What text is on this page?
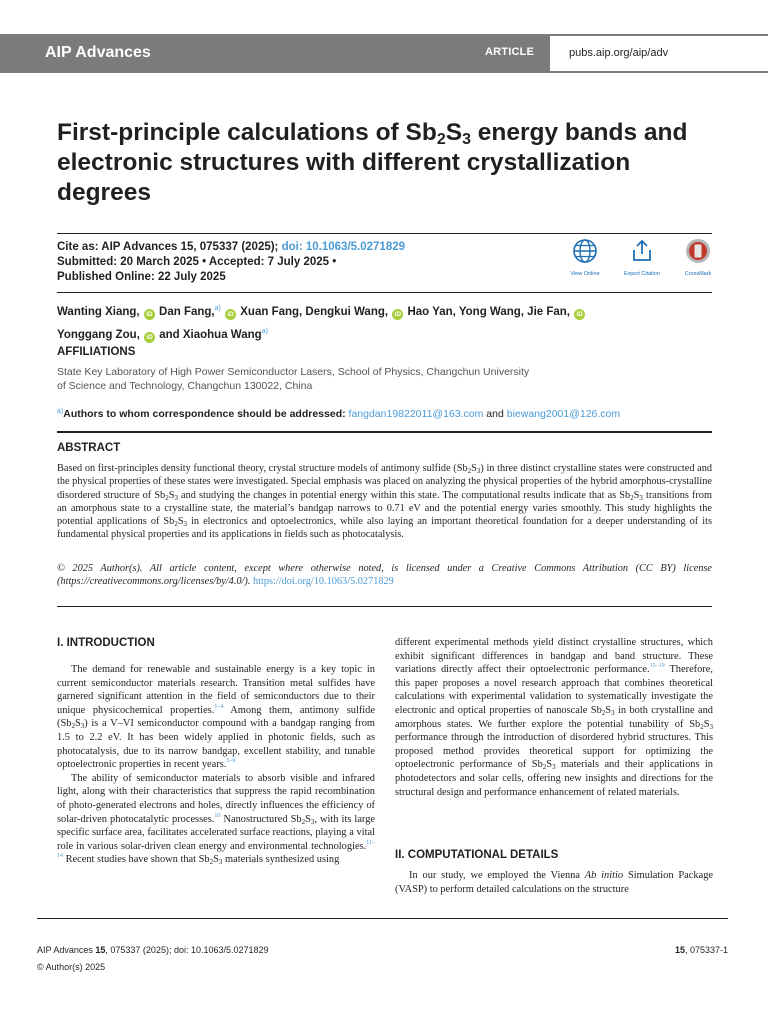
AIP Advances	ARTICLE	pubs.aip.org/aip/adv
First-principle calculations of $Sb_2S_3$ energy bands and electronic structures with different crystallization degrees
Cite as: AIP Advances 15, 075337 (2025); doi: 10.1063/5.0271829
Submitted: 20 March 2025 • Accepted: 7 July 2025 •
Published Online: 22 July 2025	View Online	Export Citation	CrossMark
Wanting Xiang, iD Dan Fang,$^{a)}$ iD Xuan Fang, Dengkui Wang, iD Hao Yan, Yong Wang, Jie Fan, iD
Yonggang Zou, iD and Xiaohua Wang$^{a)}$
AFFILIATIONS
State Key Laboratory of High Power Semiconductor Lasers, School of Physics, Changchun University
of Science and Technology, Changchun 130022, China
$^{a)}$Authors to whom correspondence should be addressed: fangdan19822011@163.com and biewang2001@126.com
ABSTRACT
Based on first-principles density functional theory, crystal structure models of antimony sulfide (Sb2S3) in three distinct crystalline states were constructed and the physical properties of these states were investigated. Special emphasis was placed on analyzing the physical properties of the hybrid amorphous-crystalline disordered structure of Sb2S3 and studying the changes in potential energy within this state. The computational results indicate that as Sb2S3 transitions from an amorphous state to a crystalline state, the material’s bandgap narrows to 0.71 eV and the potential energy varies smoothly. This study highlights the potential applications of Sb2S3 in electronics and optoelectronics, while also laying an important theoretical foundation for a deeper understanding of its fundamental physical properties and its applications in fields such as photocatalysis.
© 2025 Author(s). All article content, except where otherwise noted, is licensed under a Creative Commons Attribution (CC BY) license (https://creativecommons.org/licenses/by/4.0/). https://doi.org/10.1063/5.0271829
I. INTRODUCTION

The demand for renewable and sustainable energy is a key topic in current semiconductor materials research. Transition metal sulfides have garnered significant attention in the field of semiconductors due to their unique physicochemical properties.$^{1-4}$ Among them, antimony sulfide (Sb2S3) is a V–VI semiconductor compound with a bandgap ranging from 1.5 to 2.2 eV. It has been widely applied in photonic fields, such as photocatalysis, due to its narrow bandgap, excellent stability, and tunable optoelectronic properties in recent years.$^{5-9}$

The ability of semiconductor materials to absorb visible and infrared light, along with their characteristics that suppress the rapid recombination of photo-generated electrons and holes, directly influences the efficiency of solar-driven photocatalytic processes.$^{10}$ Nanostructured Sb2S3, with its large specific surface area, facilitates accelerated surface reactions, playing a vital role in various solar-driven clean energy and environmental technologies.$^{11-14}$ Recent studies have shown that Sb2S3 materials synthesized using

different experimental methods yield distinct crystalline structures, which exhibit significant differences in bandgap and band structure. These variations directly affect their optoelectronic performance.$^{15-19}$ Therefore, this paper proposes a novel research approach that combines theoretical calculations with experimental validation to systematically investigate the electronic and optical properties of nanoscale Sb2S3 in both crystalline and amorphous states. We further explore the potential tunability of Sb2S3 performance through the introduction of disordered hybrid structures. This proposed method provides theoretical support for optimizing the optoelectronic performance of Sb2S3 materials and their applications in photodetectors and solar cells, offering new insights and directions for the structural design and performance enhancement of related materials.

II. COMPUTATIONAL DETAILS

In our study, we employed the Vienna Ab initio Simulation Package (VASP) to perform detailed calculations on the structure

AIP Advances 15, 075337 (2025); doi: 10.1063/5.0271829
© Author(s) 2025
15, 075337-1
